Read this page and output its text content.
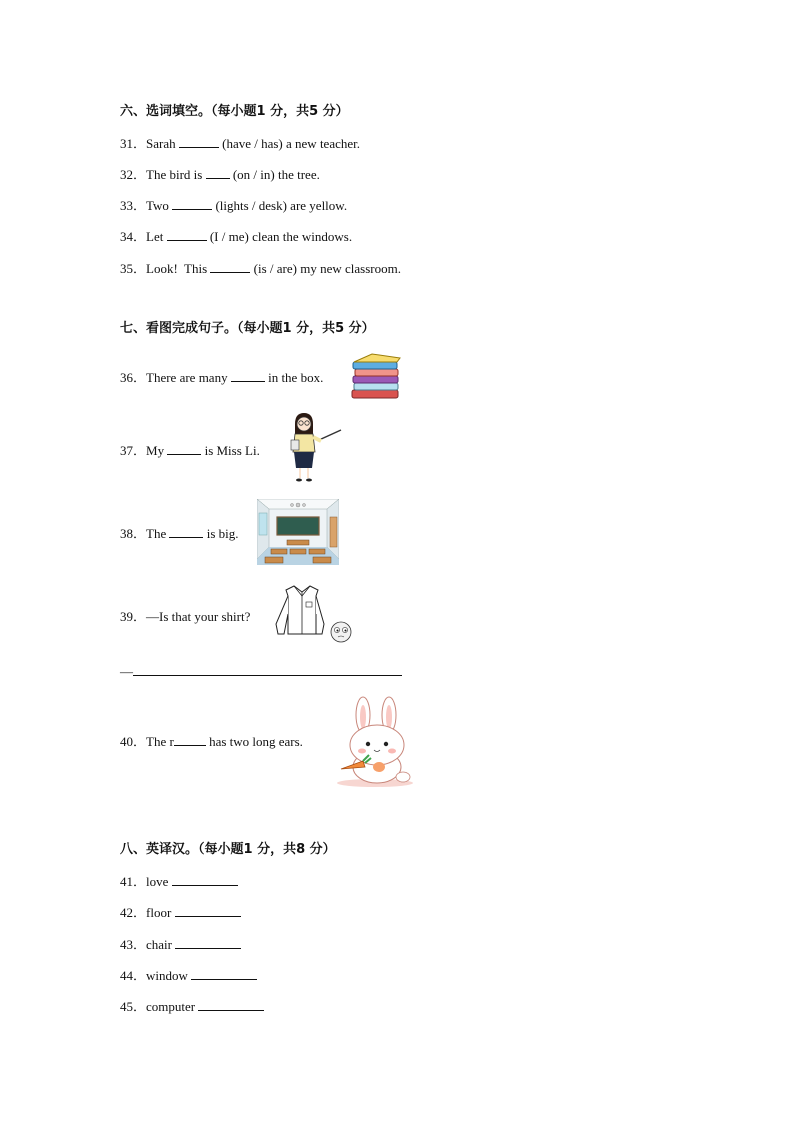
六、选词填空。（每小题1 分，共5 分）
31．Sarah	(have / has) a new teacher.
32．The bird is  (on / in) the tree.
33．Two	(lights / desk) are yellow.
34．Let	(I / me) clean the windows.
35．Look!  This	(is / are) my new classroom.
七、看图完成句子。（每小题1 分，共5 分）
36．There are many	in the box.
37．My	is Miss Li.
38．The	is big.
39．—Is that your shirt?
—
40．The r has two long ears.
八、英译汉。（每小题1 分，共8 分）
41．love
42．floor
43．chair
44．window
45．computer
